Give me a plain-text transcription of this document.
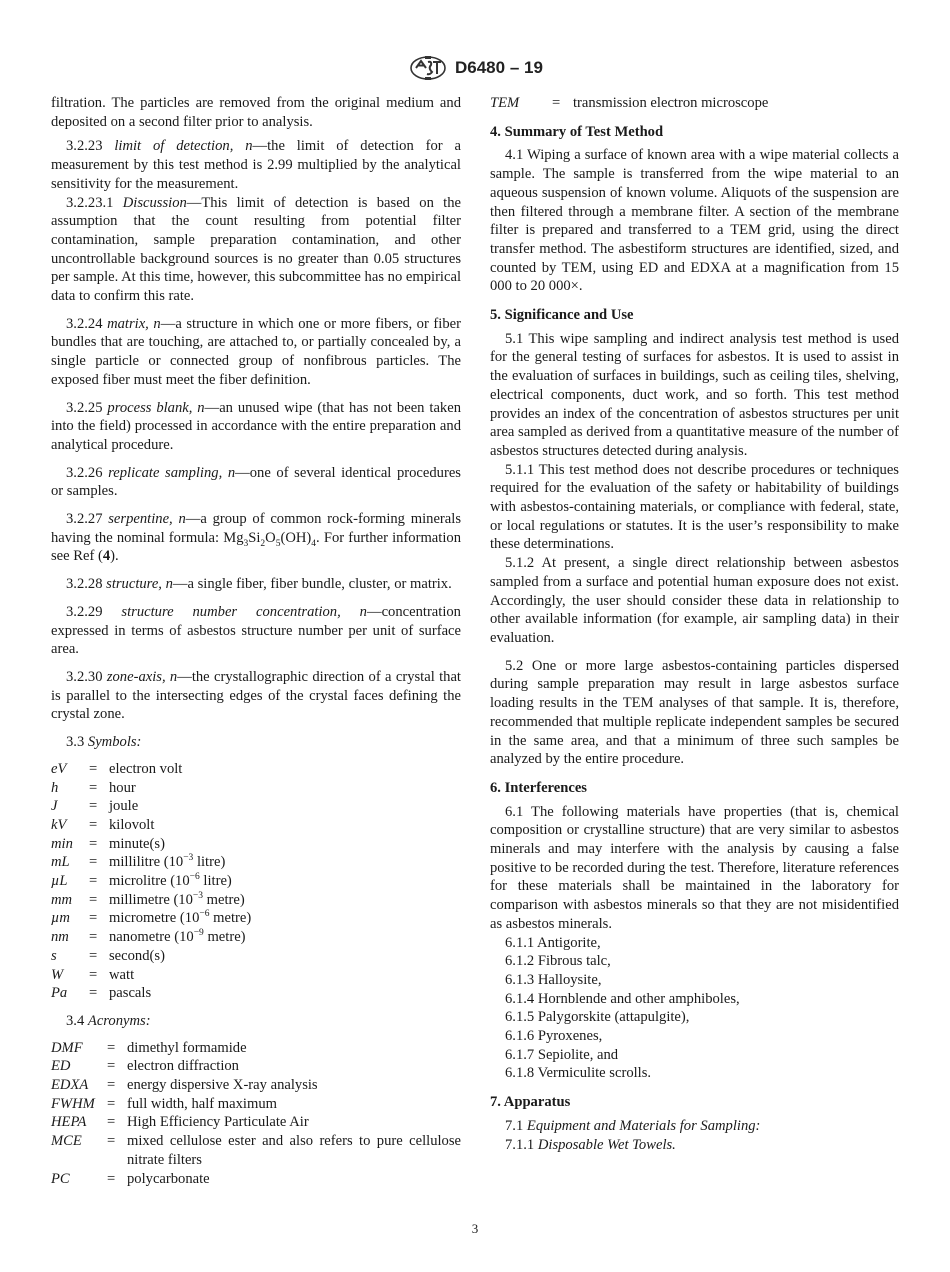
D6480 – 19

filtration. The particles are removed from the original medium and deposited on a second filter prior to analysis.

3.2.23 limit of detection, n—the limit of detection for a measurement by this test method is 2.99 multiplied by the analytical sensitivity for the measurement.

3.2.23.1 Discussion—This limit of detection is based on the assumption that the count resulting from potential filter contamination, sample preparation contamination, and other uncontrollable background sources is no greater than 0.05 structures per sample. At this time, however, this subcommittee has no empirical data to confirm this rate.

3.2.24 matrix, n—a structure in which one or more fibers, or fiber bundles that are touching, are attached to, or partially concealed by, a single particle or connected group of nonfibrous particles. The exposed fiber must meet the fiber definition.

3.2.25 process blank, n—an unused wipe (that has not been taken into the field) processed in accordance with the entire preparation and analytical procedure.

3.2.26 replicate sampling, n—one of several identical procedures or samples.

3.2.27 serpentine, n—a group of common rock-forming minerals having the nominal formula: $Mg_3Si_2O_5(OH)_4$. For further information see Ref (4).

3.2.28 structure, n—a single fiber, fiber bundle, cluster, or matrix.

3.2.29 structure number concentration, n—concentration expressed in terms of asbestos structure number per unit of surface area.

3.2.30 zone-axis, n—the crystallographic direction of a crystal that is parallel to the intersecting edges of the crystal faces defining the crystal zone.

3.3 Symbols:

eV	= electron volt
h	= hour
J	= joule
kV	= kilovolt
min	= minute(s)
mL	= millilitre ($10^{-3}$ litre)
µL	= microlitre ($10^{-6}$ litre)
mm	= millimetre ($10^{-3}$ metre)
µm	= micrometre ($10^{-6}$ metre)
nm	= nanometre ($10^{-9}$ metre)
s	= second(s)
W	= watt
Pa	= pascals

3.4 Acronyms:

DMF	= dimethyl formamide
ED	= electron diffraction
EDXA	= energy dispersive X-ray analysis
FWHM = full width, half maximum
HEPA	= High Efficiency Particulate Air
MCE	= mixed cellulose ester and also refers to pure cellulose nitrate filters
PC	= polycarbonate
TEM	= transmission electron microscope

4. Summary of Test Method

4.1 Wiping a surface of known area with a wipe material collects a sample. The sample is transferred from the wipe material to an aqueous suspension of known volume. Aliquots of the suspension are then filtered through a membrane filter. A section of the membrane filter is prepared and transferred to a TEM grid, using the direct transfer method. The asbestiform structures are identified, sized, and counted by TEM, using ED and EDXA at a magnification from 15 000 to 20 000×.

5. Significance and Use

5.1 This wipe sampling and indirect analysis test method is used for the general testing of surfaces for asbestos. It is used to assist in the evaluation of surfaces in buildings, such as ceiling tiles, shelving, electrical components, duct work, and so forth. This test method provides an index of the concentration of asbestos structures per unit area sampled as derived from a quantitative measure of the number of asbestos structures detected during analysis.

5.1.1 This test method does not describe procedures or techniques required for the evaluation of the safety or habitability of buildings with asbestos-containing materials, or compliance with federal, state, or local regulations or statutes. It is the user’s responsibility to make these determinations.

5.1.2 At present, a single direct relationship between asbestos sampled from a surface and potential human exposure does not exist. Accordingly, the user should consider these data in relationship to other available information (for example, air sampling data) in their evaluation.

5.2 One or more large asbestos-containing particles dispersed during sample preparation may result in large asbestos surface loading results in the TEM analyses of that sample. It is, therefore, recommended that multiple replicate independent samples be secured in the same area, and that a minimum of three such samples be analyzed by the entire procedure.

6. Interferences

6.1 The following materials have properties (that is, chemical composition or crystalline structure) that are very similar to asbestos minerals and may interfere with the analysis by causing a false positive to be recorded during the test. Therefore, literature references for these materials shall be maintained in the laboratory for comparison with asbestos minerals so that they are not misidentified as asbestos minerals.

6.1.1 Antigorite,
6.1.2 Fibrous talc,
6.1.3 Halloysite,
6.1.4 Hornblende and other amphiboles,
6.1.5 Palygorskite (attapulgite),
6.1.6 Pyroxenes,
6.1.7 Sepiolite, and
6.1.8 Vermiculite scrolls.

7. Apparatus

7.1 Equipment and Materials for Sampling:

7.1.1 Disposable Wet Towels.

3
